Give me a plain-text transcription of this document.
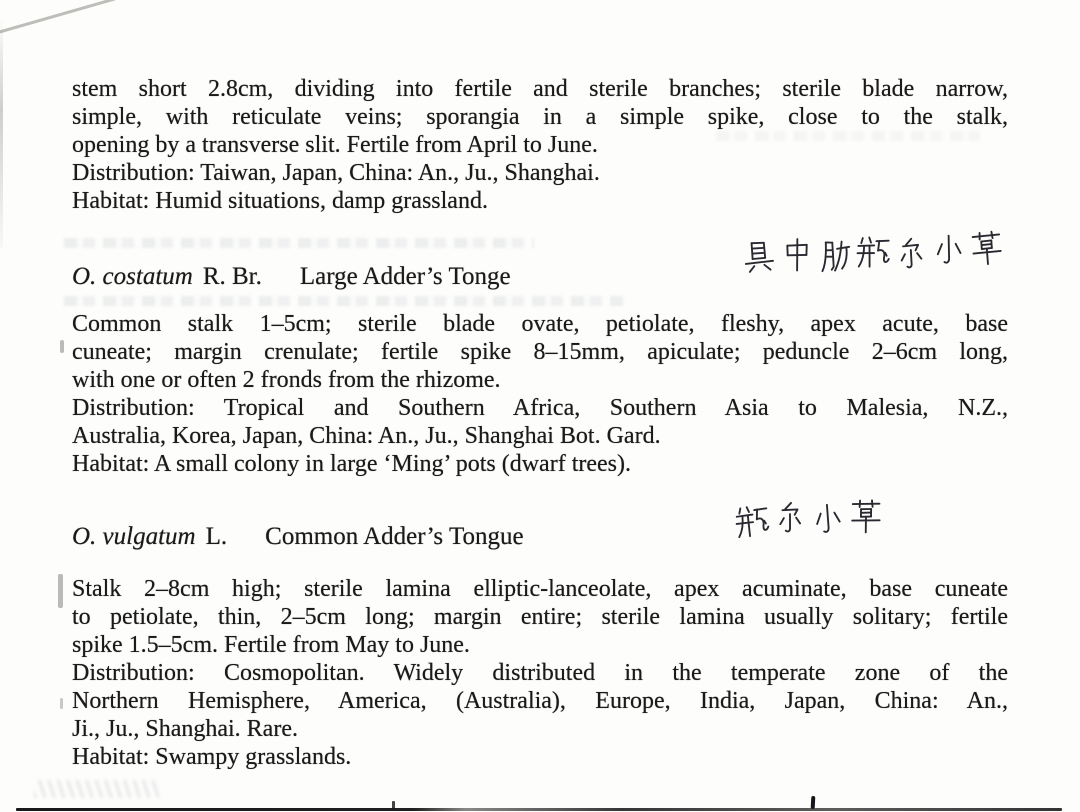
stem short 2.8cm, dividing into fertile and sterile branches; sterile blade narrow,
simple, with reticulate veins; sporangia in a simple spike, close to the stalk,
opening by a transverse slit. Fertile from April to June.
Distribution: Taiwan, Japan, China: An., Ju., Shanghai.
Habitat: Humid situations, damp grassland.
O. costatum R. Br. Large Adder’s Tonge
Common stalk 1–5cm; sterile blade ovate, petiolate, fleshy, apex acute, base
cuneate; margin crenulate; fertile spike 8–15mm, apiculate; peduncle 2–6cm long,
with one or often 2 fronds from the rhizome.
Distribution: Tropical and Southern Africa, Southern Asia to Malesia, N.Z.,
Australia, Korea, Japan, China: An., Ju., Shanghai Bot. Gard.
Habitat: A small colony in large ‘Ming’ pots (dwarf trees).
O. vulgatum L. Common Adder’s Tongue
Stalk 2–8cm high; sterile lamina elliptic-lanceolate, apex acuminate, base cuneate
to petiolate, thin, 2–5cm long; margin entire; sterile lamina usually solitary; fertile
spike 1.5–5cm. Fertile from May to June.
Distribution: Cosmopolitan. Widely distributed in the temperate zone of the
Northern Hemisphere, America, (Australia), Europe, India, Japan, China: An.,
Ji., Ju., Shanghai. Rare.
Habitat: Swampy grasslands.
